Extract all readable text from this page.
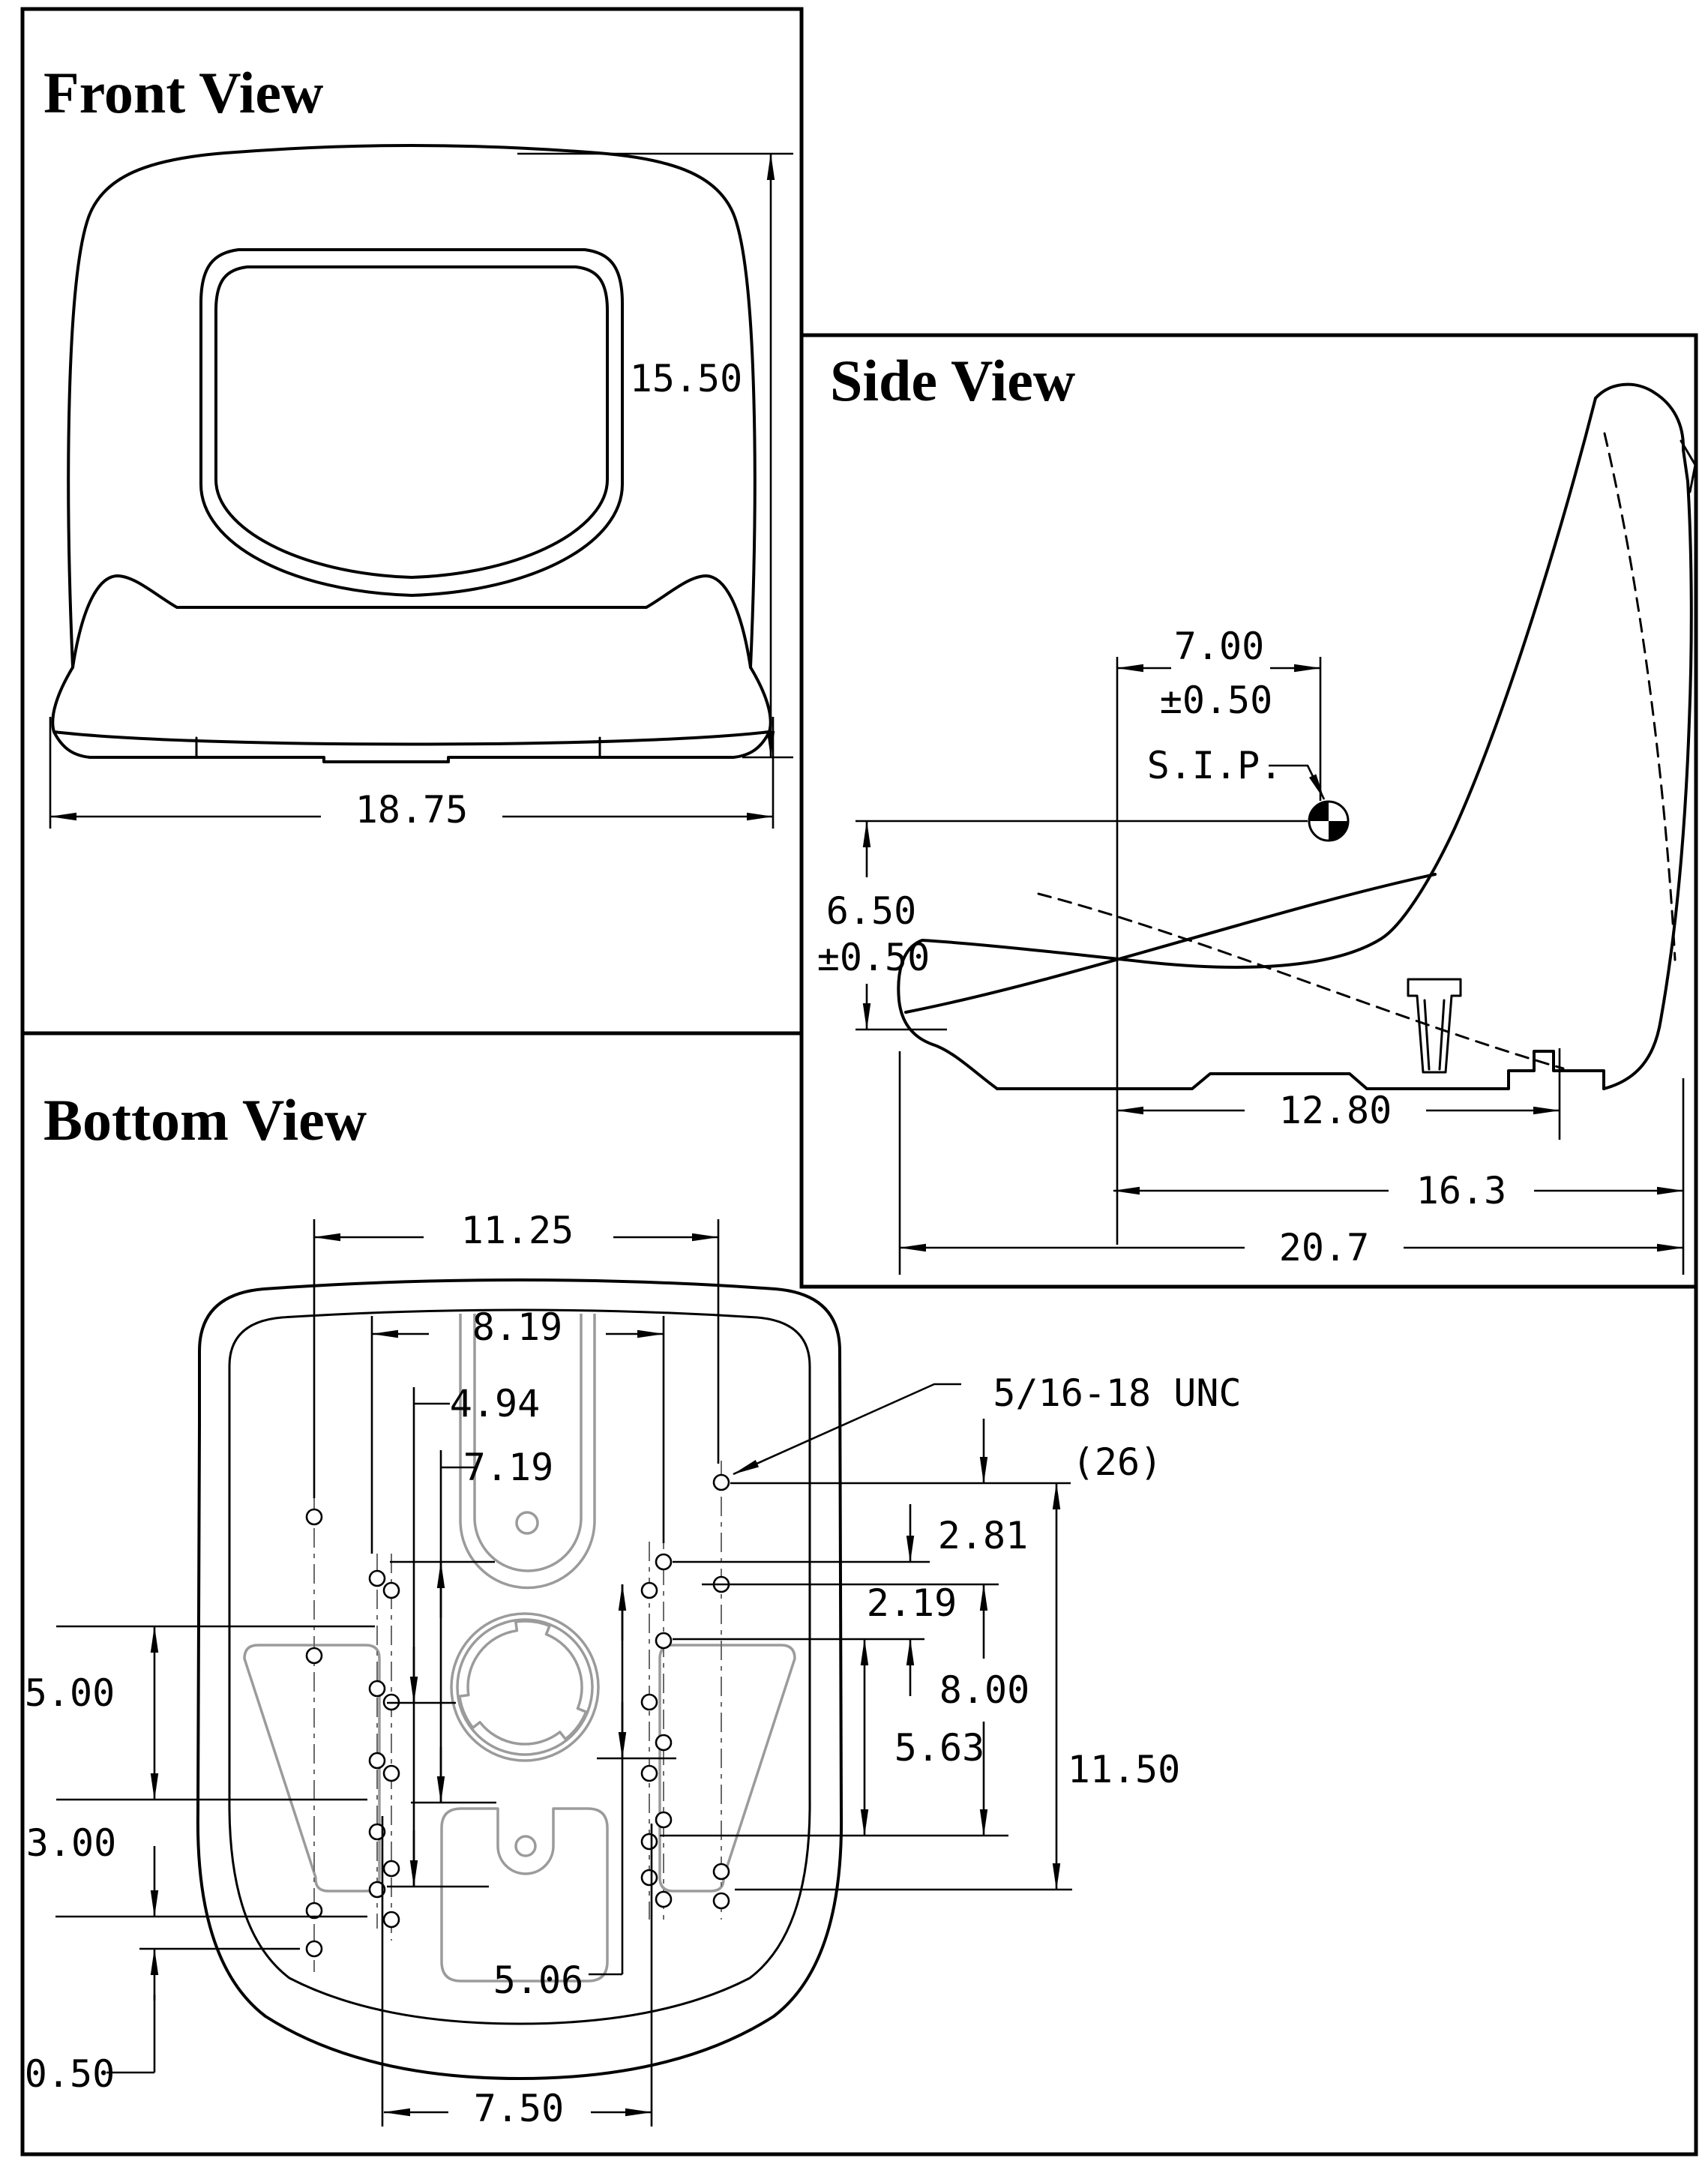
Front View
15.50
18.75
Side View
7.00
±0.50
S.I.P.
6.50
±0.50
12.80
16.3
20.7
Bottom View
11.25
8.19
4.94
7.19
5/16-18 UNC
(26)
2.81
2.19
8.00
5.63 11.50
5.00
3.00
0.50
5.06
7.50
